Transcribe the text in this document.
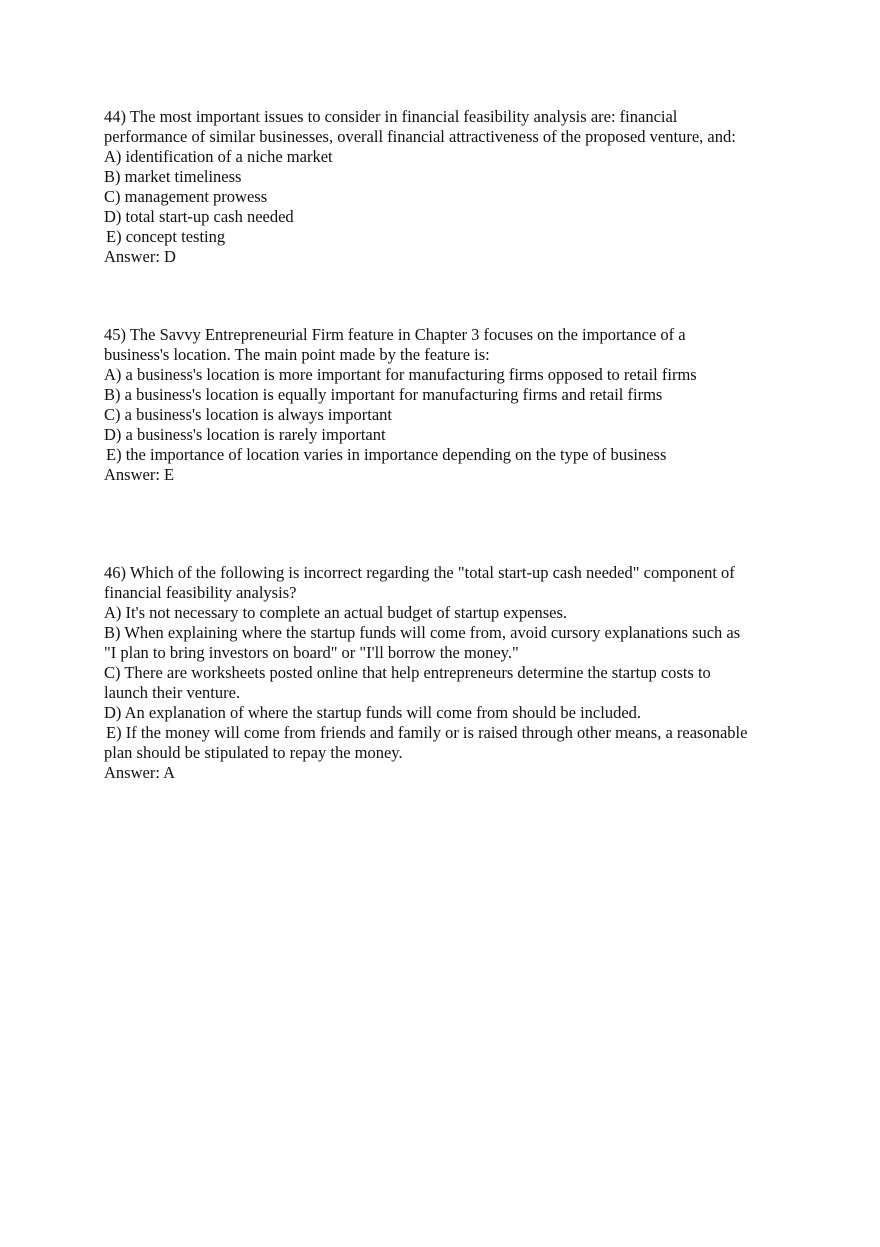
44) The most important issues to consider in financial feasibility analysis are: financial
performance of similar businesses, overall financial attractiveness of the proposed venture, and:
A) identification of a niche market
B) market timeliness
C) management prowess
D) total start-up cash needed
E) concept testing
Answer: D
45) The Savvy Entrepreneurial Firm feature in Chapter 3 focuses on the importance of a
business's location. The main point made by the feature is:
A) a business's location is more important for manufacturing firms opposed to retail firms
B) a business's location is equally important for manufacturing firms and retail firms
C) a business's location is always important
D) a business's location is rarely important
E) the importance of location varies in importance depending on the type of business
Answer: E
46) Which of the following is incorrect regarding the "total start-up cash needed" component of
financial feasibility analysis?
A) It's not necessary to complete an actual budget of startup expenses.
B) When explaining where the startup funds will come from, avoid cursory explanations such as
"I plan to bring investors on board" or "I'll borrow the money."
C) There are worksheets posted online that help entrepreneurs determine the startup costs to
launch their venture.
D) An explanation of where the startup funds will come from should be included.
E) If the money will come from friends and family or is raised through other means, a reasonable
plan should be stipulated to repay the money.
Answer: A
